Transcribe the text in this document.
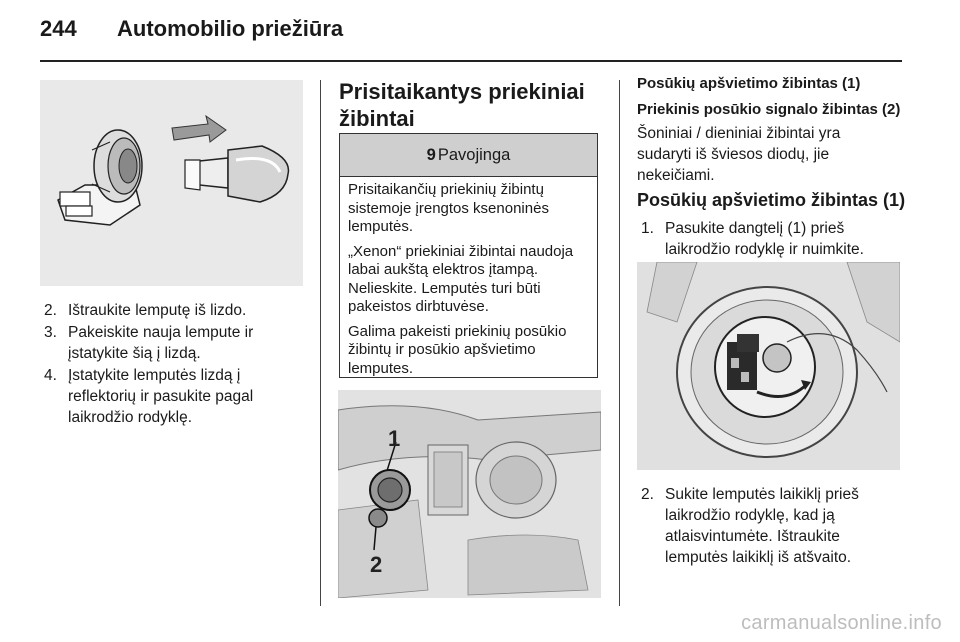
244 Automobilio priežiūra
2. Ištraukite lemputę iš lizdo.
3. Pakeiskite nauja lempute ir įstatykite šią į lizdą.
4. Įstatykite lemputės lizdą į reflektorių ir pasukite pagal laikrodžio rodyklę.
Prisitaikantys priekiniai žibintai
9 Pavojinga

Prisitaikančių priekinių žibintų sistemoje įrengtos ksenoninės lemputės.

„Xenon“ priekiniai žibintai naudoja labai aukštą elektros įtampą. Nelieskite. Lemputės turi būti pakeistos dirbtuvėse.

Galima pakeisti priekinių posūkio žibintų ir posūkio apšvietimo lemputes.

1
2
Posūkių apšvietimo žibintas (1)
Priekinis posūkio signalo žibintas (2)
Šoniniai / dieniniai žibintai yra sudaryti iš šviesos diodų, jie nekeičiami.
Posūkių apšvietimo žibintas (1)
1. Pasukite dangtelį (1) prieš laikrodžio rodyklę ir nuimkite.
2. Sukite lemputės laikiklį prieš laikrodžio rodyklę, kad ją atlaisvintumėte. Ištraukite lemputės laikiklį iš atšvaito.
carmanualsonline.info
